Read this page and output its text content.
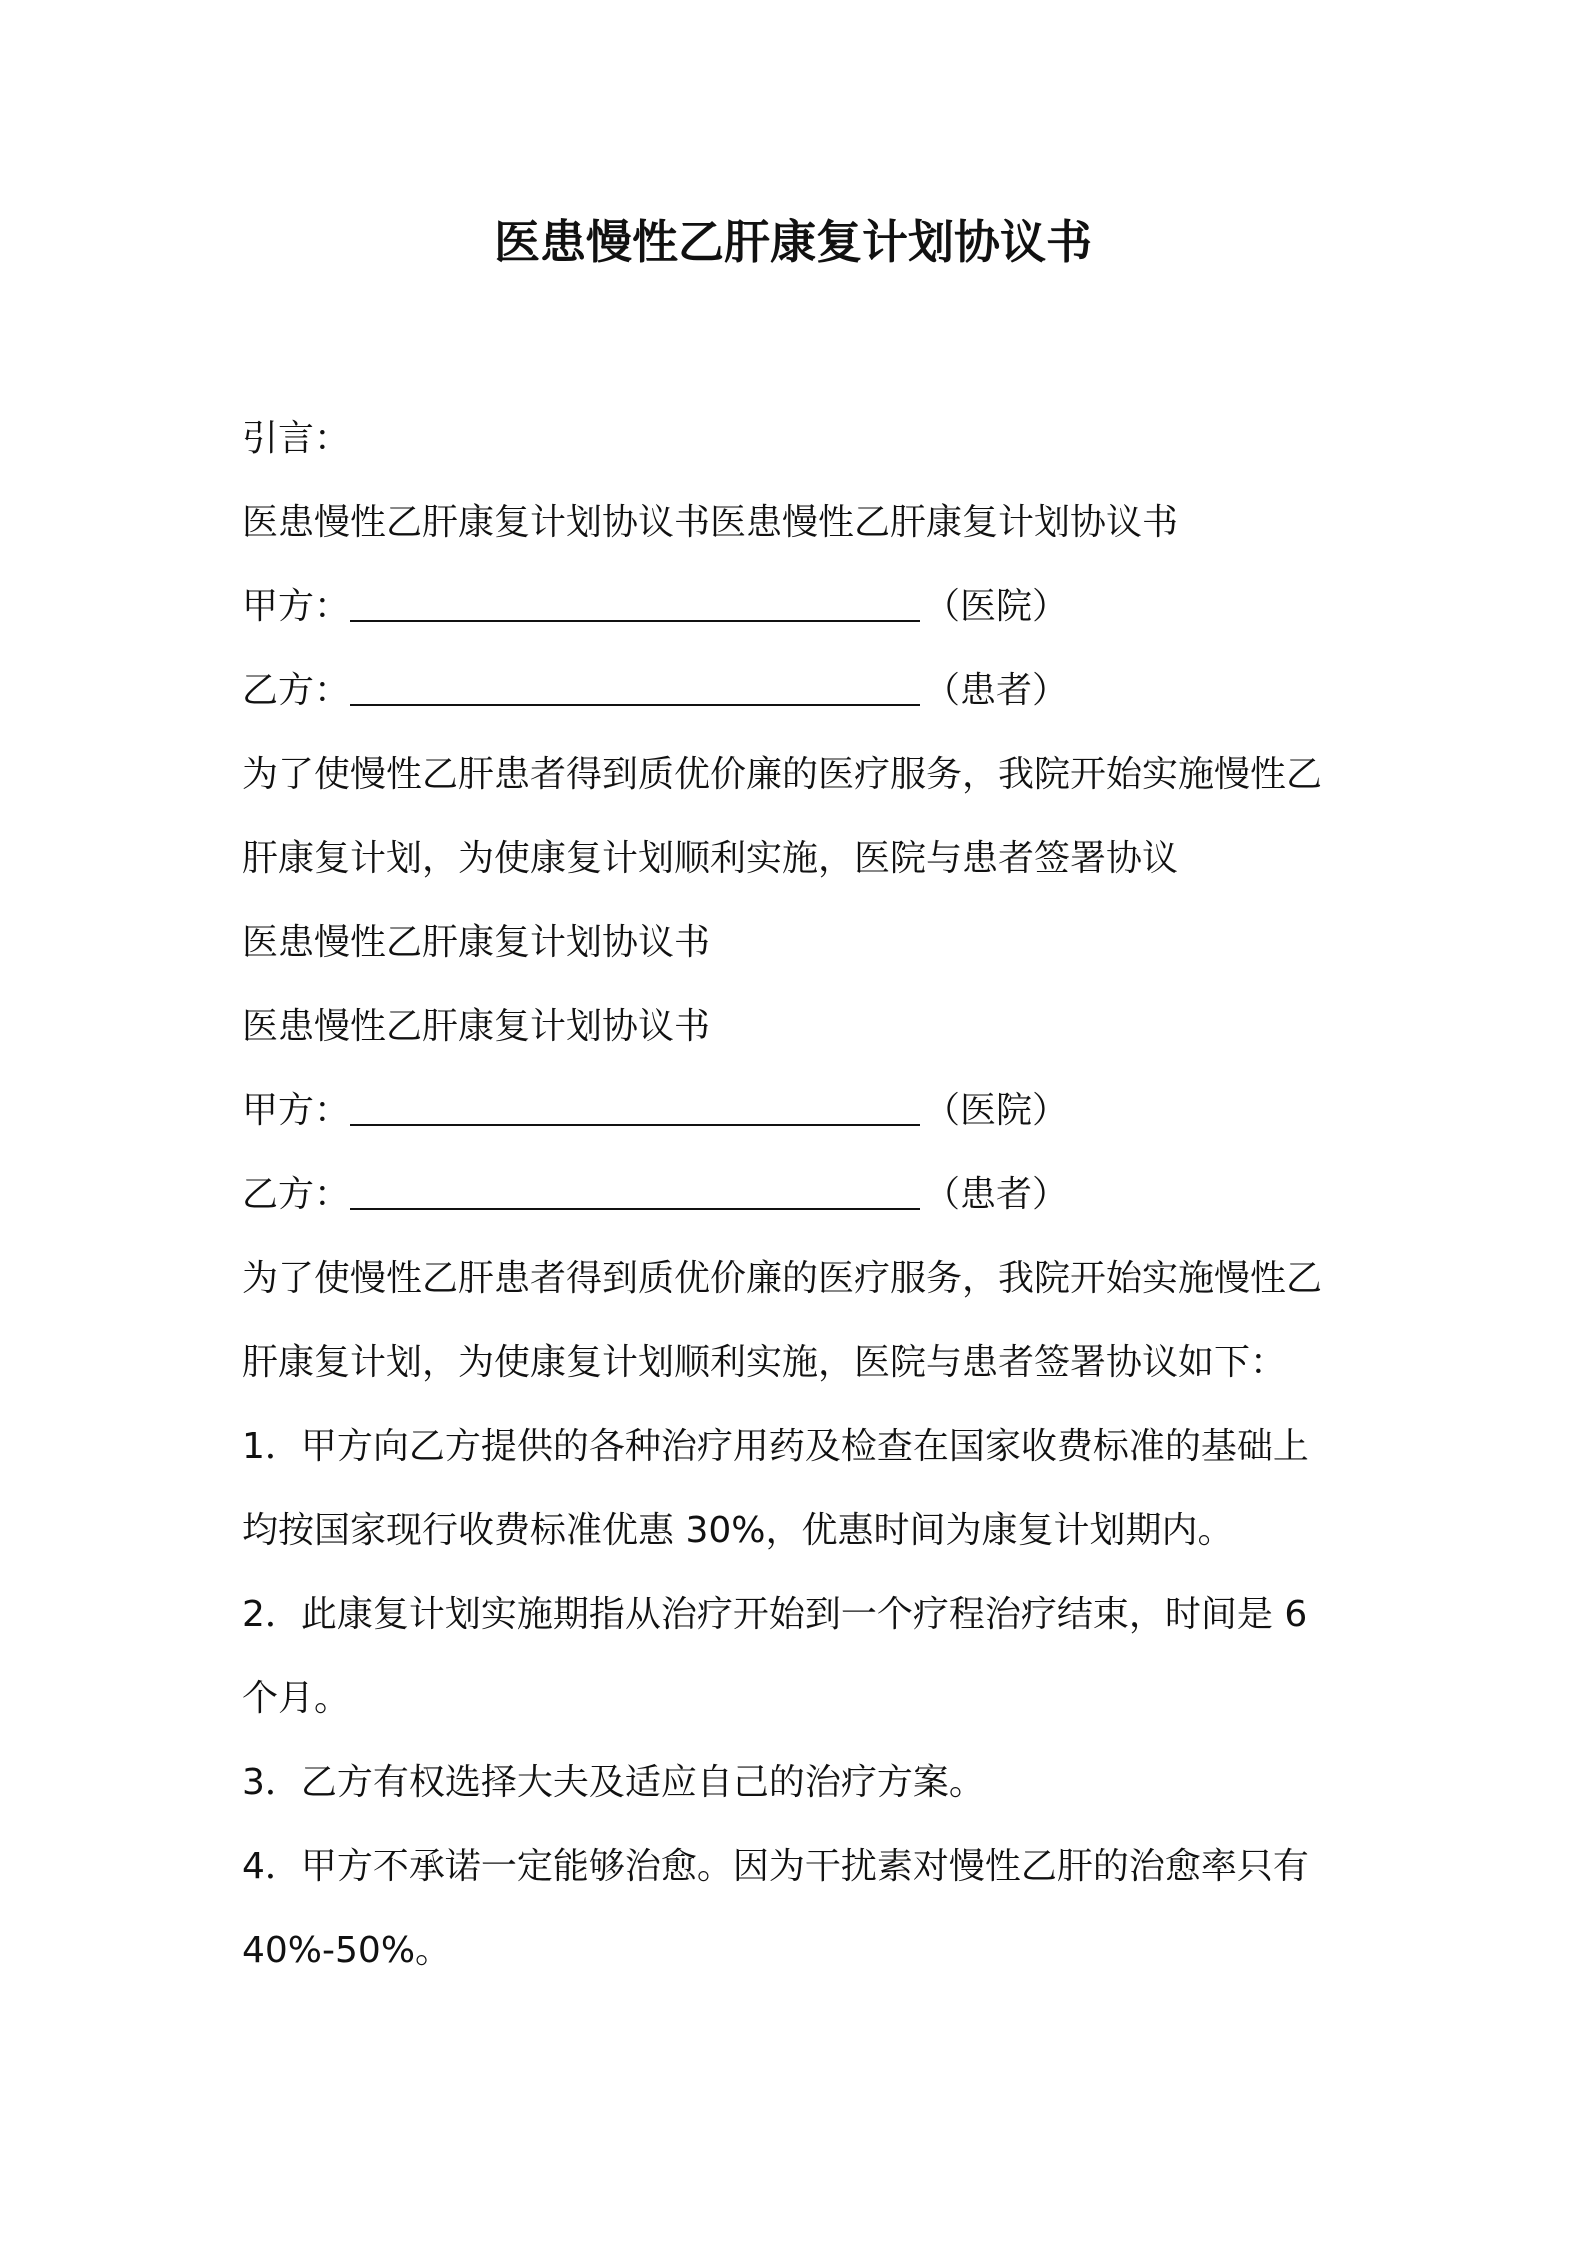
医患慢性乙肝康复计划协议书

引言：

医患慢性乙肝康复计划协议书医患慢性乙肝康复计划协议书

甲方：	（医院）

乙方：	（患者）

为了使慢性乙肝患者得到质优价廉的医疗服务，我院开始实施慢性乙

肝康复计划，为使康复计划顺利实施，医院与患者签署协议

医患慢性乙肝康复计划协议书

医患慢性乙肝康复计划协议书

甲方：	（医院）

乙方：	（患者）

为了使慢性乙肝患者得到质优价廉的医疗服务，我院开始实施慢性乙

肝康复计划，为使康复计划顺利实施，医院与患者签署协议如下：

1．甲方向乙方提供的各种治疗用药及检查在国家收费标准的基础上

均按国家现行收费标准优惠 30%，优惠时间为康复计划期内。

2．此康复计划实施期指从治疗开始到一个疗程治疗结束，时间是 6

个月。

3．乙方有权选择大夫及适应自己的治疗方案。

4．甲方不承诺一定能够治愈。因为干扰素对慢性乙肝的治愈率只有

40%-50%。
